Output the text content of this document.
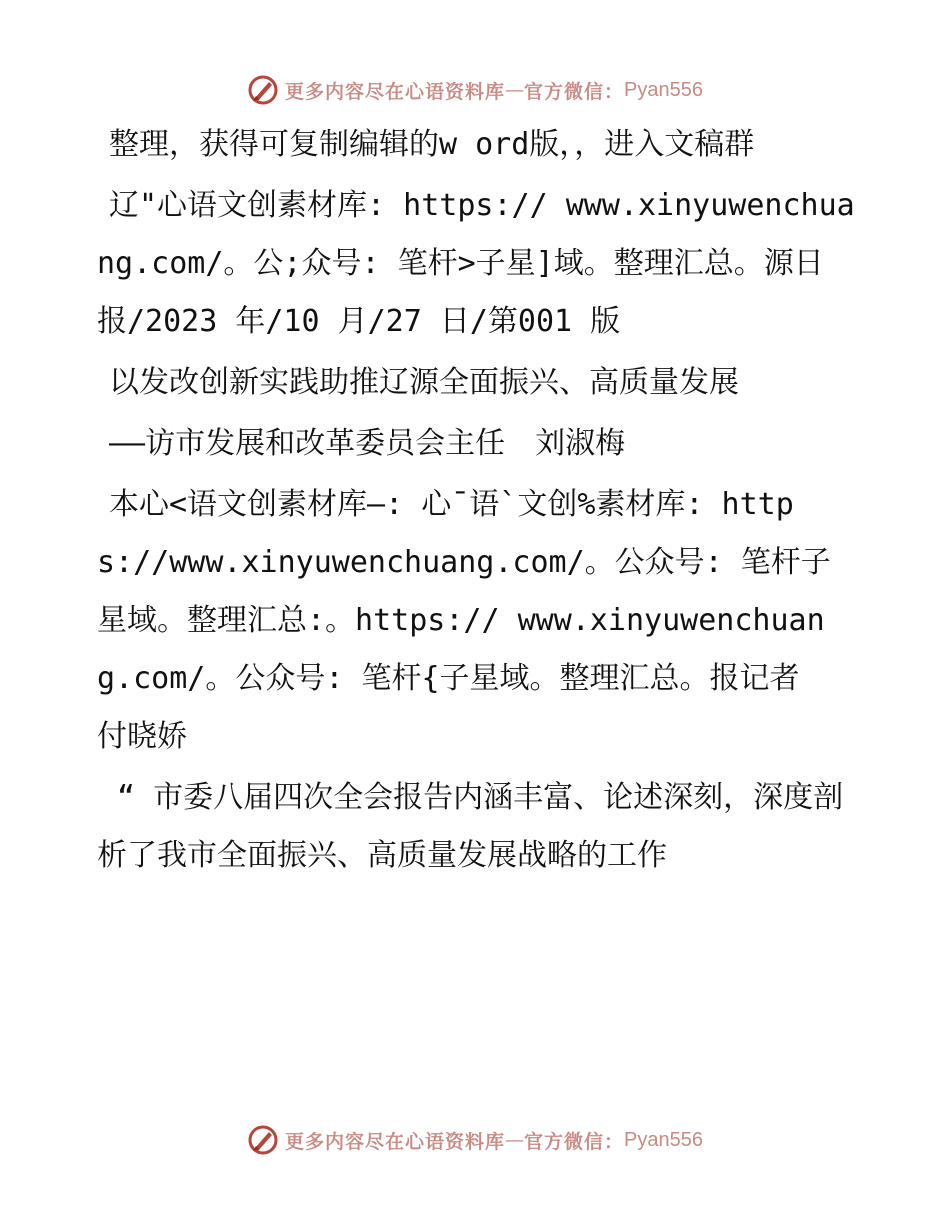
更多内容尽在心语资料库 — 官方微信： Pyan556

整理，获得可复制编辑的w ord版，，进入文稿群

辽"心语文创素材库: https:// www.xinyuwenchuang.com/。公;众号: 笔杆>子星]域。整理汇总。源日报/2023 年/10 月/27 日/第001 版

以发改创新实践助推辽源全面振兴、高质量发展

——访市发展和改革委员会主任　刘淑梅

本心<语文创素材库—: 心¯语`文创%素材库: https://www.xinyuwenchuang.com/。公众号: 笔杆子星域。整理汇总:。https:// www.xinyuwenchuang.com/。公众号: 笔杆{子星域。整理汇总。报记者　付晓娇

“ 市委八届四次全会报告内涵丰富、论述深刻，深度剖析了我市全面振兴、高质量发展战略的工作

更多内容尽在心语资料库 — 官方微信： Pyan556
